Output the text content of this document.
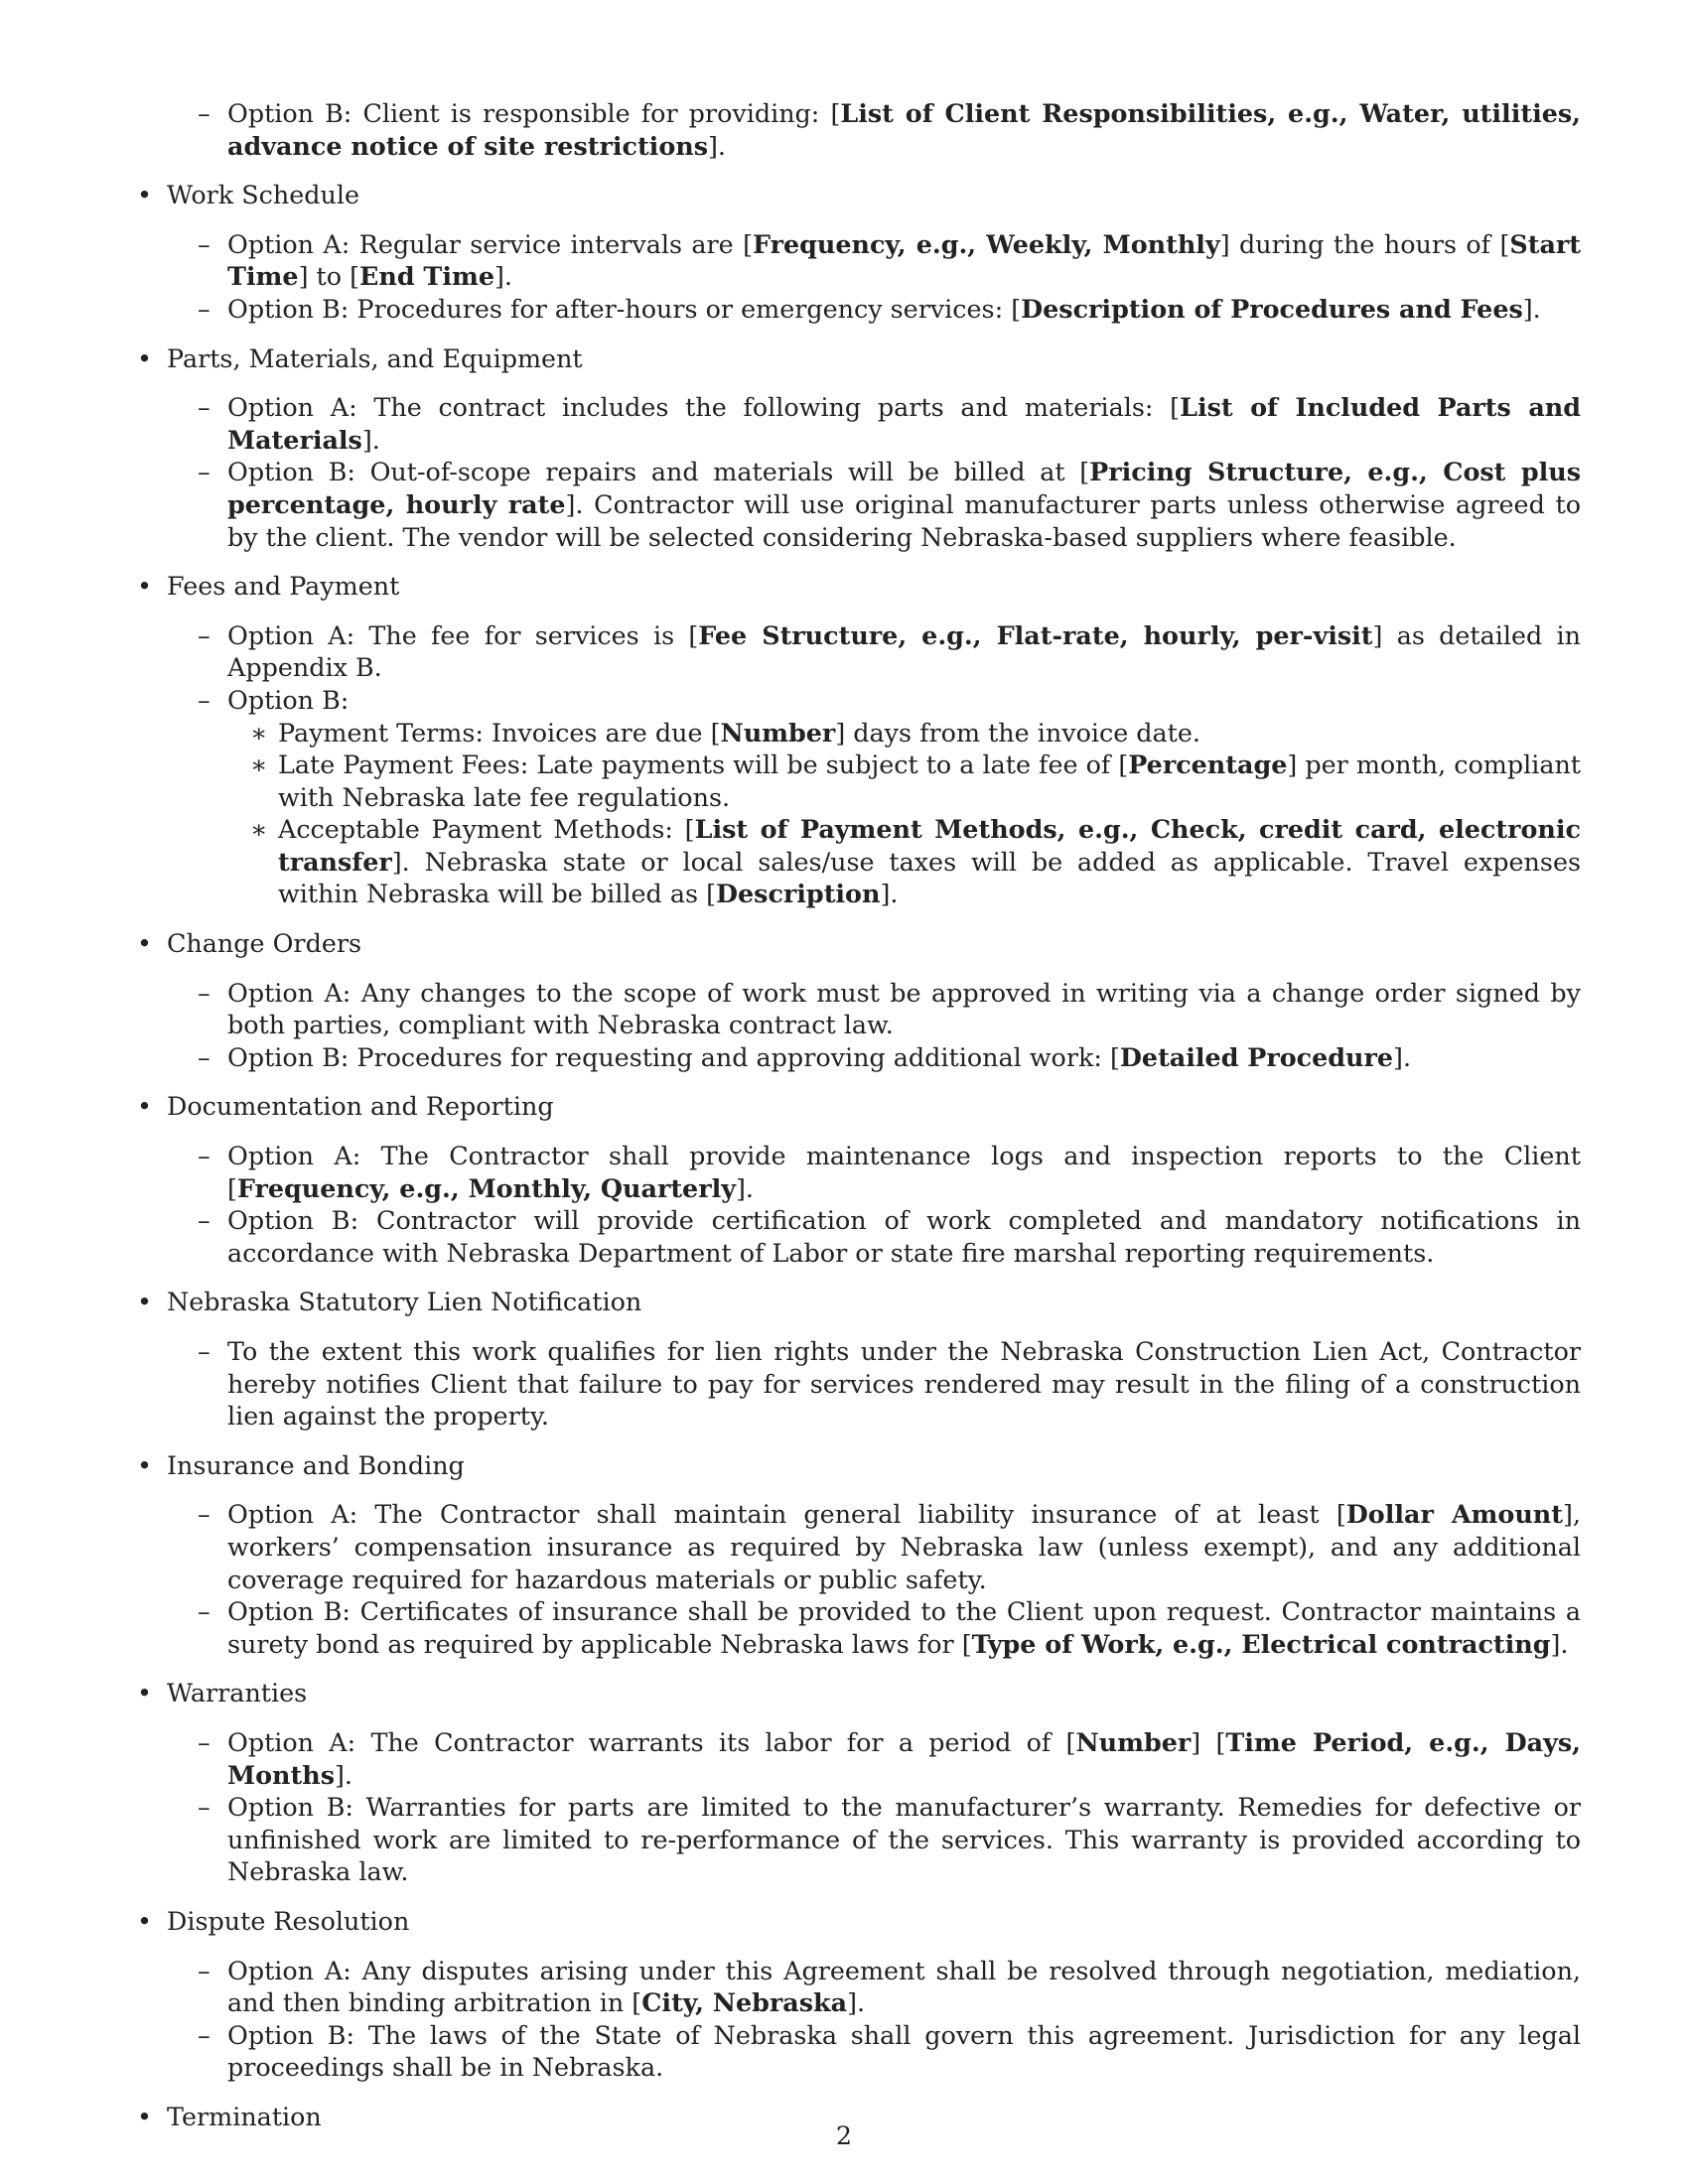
– Option B: Client is responsible for providing: [List of Client Responsibilities, e.g., Water, utilities, advance notice of site restrictions].
• Work Schedule
– Option A: Regular service intervals are [Frequency, e.g., Weekly, Monthly] during the hours of [Start Time] to [End Time].
– Option B: Procedures for after-hours or emergency services: [Description of Procedures and Fees].
• Parts, Materials, and Equipment
– Option A: The contract includes the following parts and materials: [List of Included Parts and Materials].
– Option B: Out-of-scope repairs and materials will be billed at [Pricing Structure, e.g., Cost plus percentage, hourly rate]. Contractor will use original manufacturer parts unless otherwise agreed to by the client. The vendor will be selected considering Nebraska-based suppliers where feasible.
• Fees and Payment
– Option A: The fee for services is [Fee Structure, e.g., Flat-rate, hourly, per-visit] as detailed in Appendix B.
– Option B:
∗ Payment Terms: Invoices are due [Number] days from the invoice date.
∗ Late Payment Fees: Late payments will be subject to a late fee of [Percentage] per month, compliant with Nebraska late fee regulations.
∗ Acceptable Payment Methods: [List of Payment Methods, e.g., Check, credit card, electronic transfer]. Nebraska state or local sales/use taxes will be added as applicable. Travel expenses within Nebraska will be billed as [Description].
• Change Orders
– Option A: Any changes to the scope of work must be approved in writing via a change order signed by both parties, compliant with Nebraska contract law.
– Option B: Procedures for requesting and approving additional work: [Detailed Procedure].
• Documentation and Reporting
– Option A: The Contractor shall provide maintenance logs and inspection reports to the Client [Frequency, e.g., Monthly, Quarterly].
– Option B: Contractor will provide certification of work completed and mandatory notifications in accordance with Nebraska Department of Labor or state fire marshal reporting requirements.
• Nebraska Statutory Lien Notification
– To the extent this work qualifies for lien rights under the Nebraska Construction Lien Act, Contractor hereby notifies Client that failure to pay for services rendered may result in the filing of a construction lien against the property.
• Insurance and Bonding
– Option A: The Contractor shall maintain general liability insurance of at least [Dollar Amount], workers’ compensation insurance as required by Nebraska law (unless exempt), and any additional coverage required for hazardous materials or public safety.
– Option B: Certificates of insurance shall be provided to the Client upon request. Contractor maintains a surety bond as required by applicable Nebraska laws for [Type of Work, e.g., Electrical contracting].
• Warranties
– Option A: The Contractor warrants its labor for a period of [Number] [Time Period, e.g., Days, Months].
– Option B: Warranties for parts are limited to the manufacturer’s warranty. Remedies for defective or unfinished work are limited to re-performance of the services. This warranty is provided according to Nebraska law.
• Dispute Resolution
– Option A: Any disputes arising under this Agreement shall be resolved through negotiation, mediation, and then binding arbitration in [City, Nebraska].
– Option B: The laws of the State of Nebraska shall govern this agreement. Jurisdiction for any legal proceedings shall be in Nebraska.
• Termination
2
